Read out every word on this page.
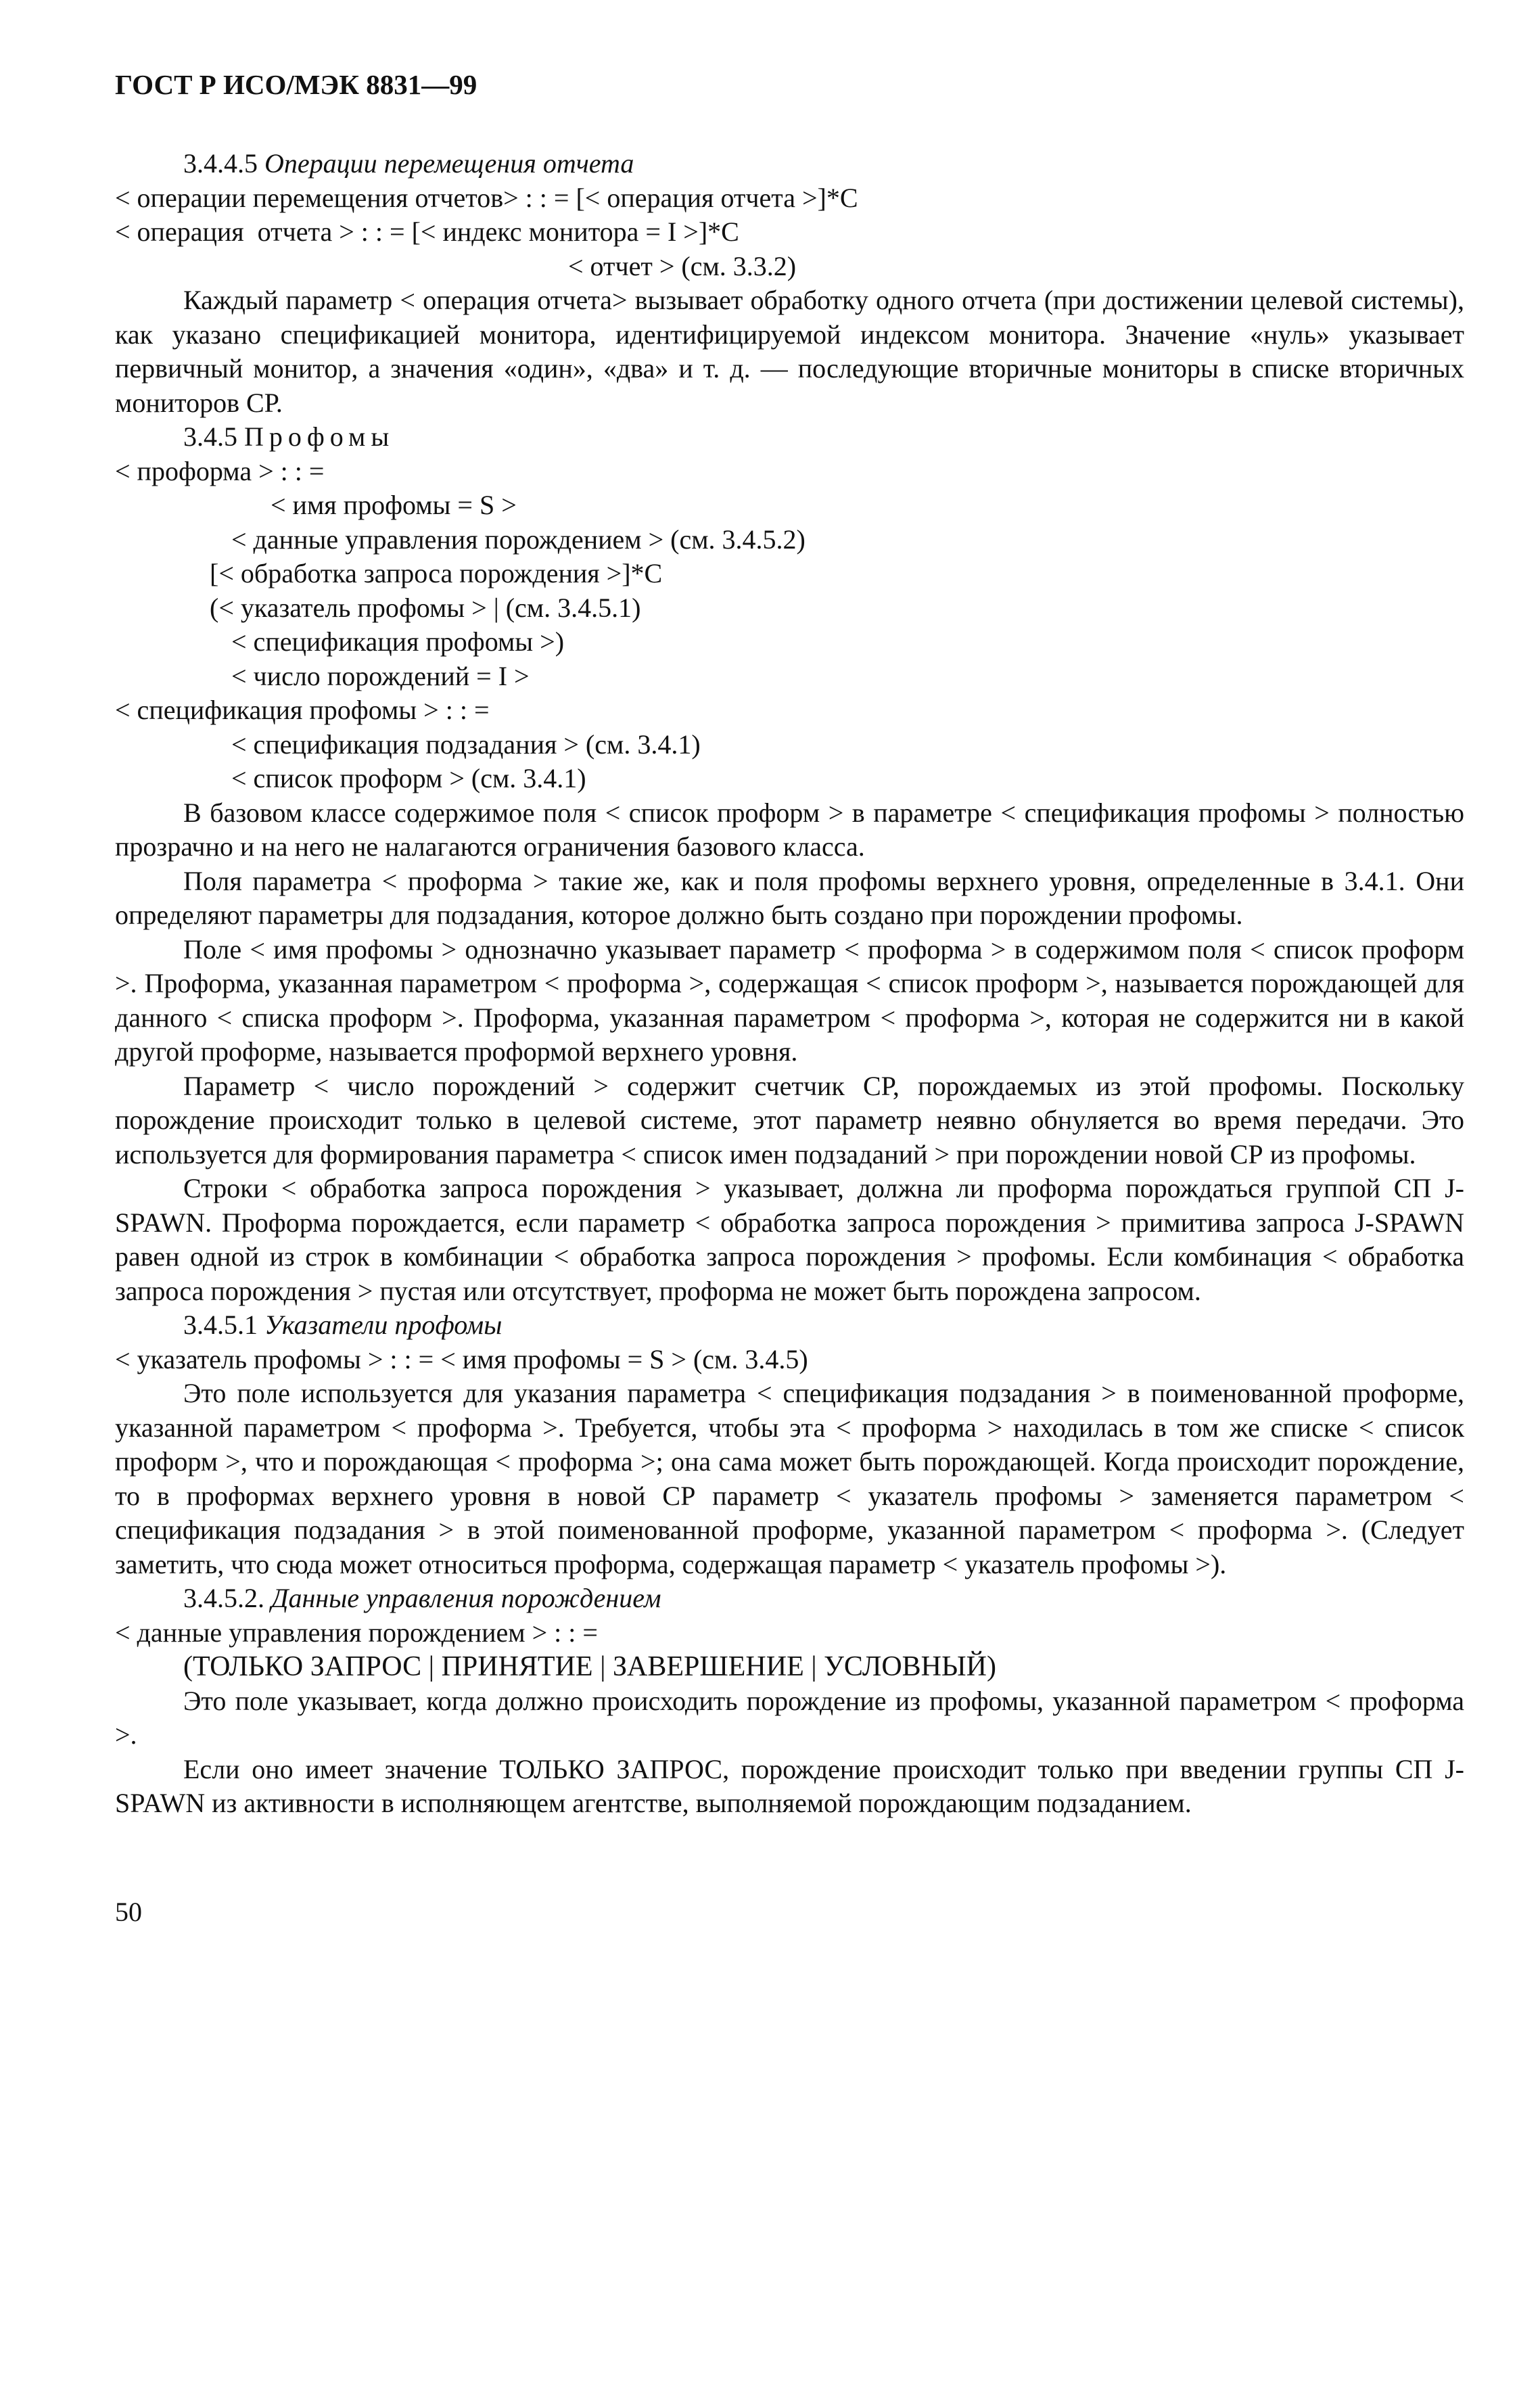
ГОСТ Р ИСО/МЭК 8831—99
3.4.4.5 Операции перемещения отчета
< операции перемещения отчетов> : : = [< операция отчета >]*С
< операция  отчета > : : = [< индекс монитора = I >]*С
< отчет > (см. 3.3.2)
Каждый параметр < операция отчета> вызывает обработку одного отчета (при достижении целевой системы), как указано спецификацией монитора, идентифицируемой индексом монитора. Значение «нуль» указывает первичный монитор, а значения «один», «два» и т. д. — последующие вторичные мониторы в списке вторичных мониторов СР.
3.4.5 Профомы
< проформа > : : =
< имя профомы = S >
< данные управления порождением > (см. 3.4.5.2)
[< обработка запроса порождения >]*С
(< указатель профомы > | (см. 3.4.5.1)
< спецификация профомы >)
< число порождений = I >
< спецификация профомы > : : =
< спецификация подзадания > (см. 3.4.1)
< список проформ > (см. 3.4.1)
В базовом классе содержимое поля < список проформ > в параметре < спецификация профомы > полностью прозрачно и на него не налагаются ограничения базового класса.
Поля параметра < проформа > такие же, как и поля профомы верхнего уровня, определенные в 3.4.1. Они определяют параметры для подзадания, которое должно быть создано при порождении профомы.
Поле < имя профомы > однозначно указывает параметр < проформа > в содержимом поля < список проформ >. Проформа, указанная параметром < проформа >, содержащая < список проформ >, называется порождающей для данного < списка проформ >. Проформа, указанная параметром < проформа >, которая не содержится ни в какой другой проформе, называется проформой верхнего уровня.
Параметр < число порождений > содержит счетчик СР, порождаемых из этой профомы. Поскольку порождение происходит только в целевой системе, этот параметр неявно обнуляется во время передачи. Это используется для формирования параметра < список имен подзаданий > при порождении новой СР из профомы.
Строки < обработка запроса порождения > указывает, должна ли проформа порождаться группой СП J-SPAWN. Проформа порождается, если параметр < обработка запроса порождения > примитива запроса J-SPAWN равен одной из строк в комбинации < обработка запроса порождения > профомы. Если комбинация < обработка запроса порождения > пустая или отсутствует, проформа не может быть порождена запросом.
3.4.5.1 Указатели профомы
< указатель профомы > : : = < имя профомы = S > (см. 3.4.5)
Это поле используется для указания параметра < спецификация подзадания > в поименованной проформе, указанной параметром < проформа >. Требуется, чтобы эта < проформа > находилась в том же списке < список проформ >, что и порождающая < проформа >; она сама может быть порождающей. Когда происходит порождение, то в проформах верхнего уровня в новой СР параметр < указатель профомы > заменяется параметром < спецификация подзадания > в этой поименованной проформе, указанной параметром < проформа >. (Следует заметить, что сюда может относиться проформа, содержащая параметр < указатель профомы >).
3.4.5.2. Данные управления порождением
< данные управления порождением > : : =
(ТОЛЬКО ЗАПРОС | ПРИНЯТИЕ | ЗАВЕРШЕНИЕ | УСЛОВНЫЙ)
Это поле указывает, когда должно происходить порождение из профомы, указанной параметром < проформа >.
Если оно имеет значение ТОЛЬКО ЗАПРОС, порождение происходит только при введении группы СП J-SPAWN из активности в исполняющем агентстве, выполняемой порождающим подзаданием.
50
